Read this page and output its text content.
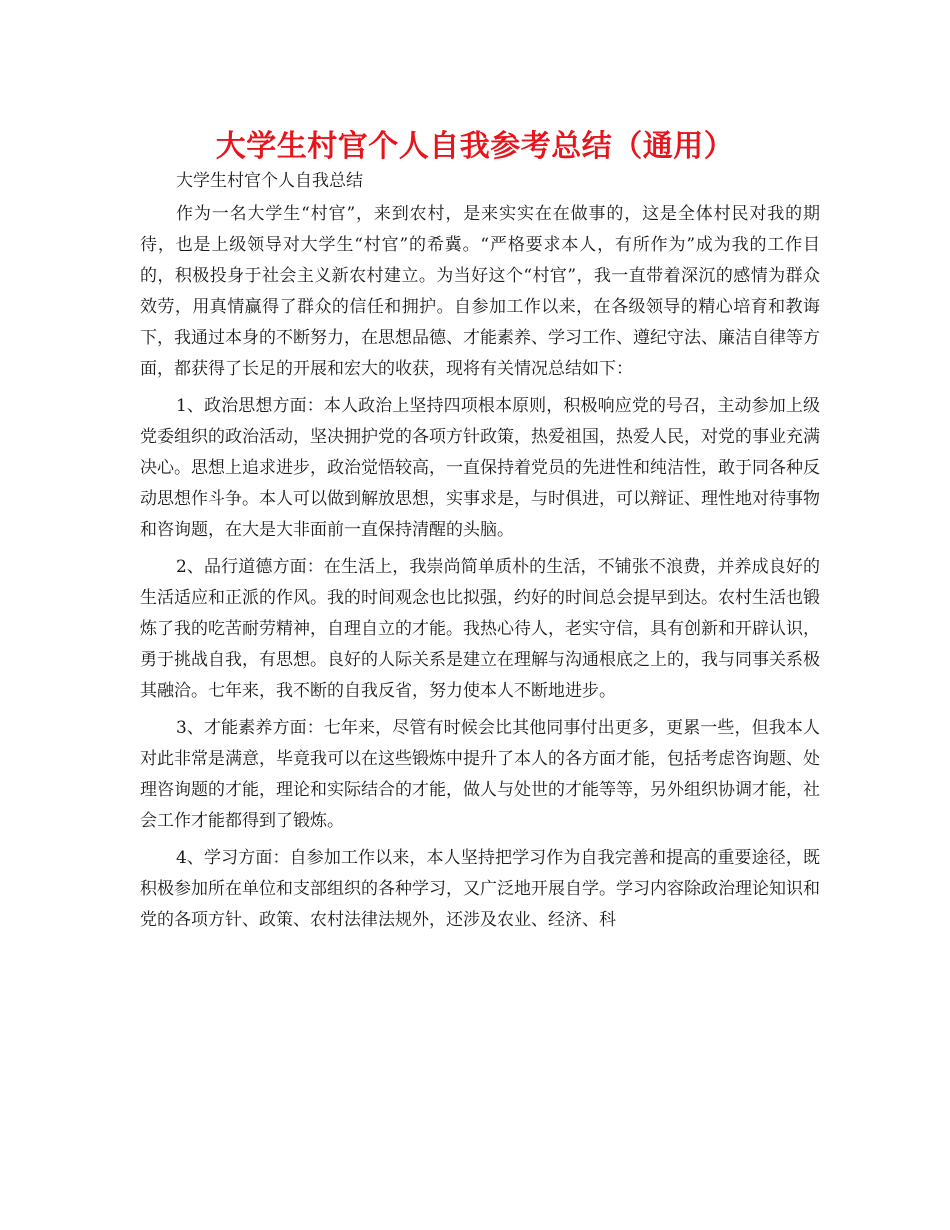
大学生村官个人自我参考总结（通用）

大学生村官个人自我总结

作为一名大学生“村官”，来到农村，是来实实在在做事的，这是全体村民对我的期待，也是上级领导对大学生“村官”的希冀。“严格要求本人，有所作为”成为我的工作目的，积极投身于社会主义新农村建立。为当好这个“村官”，我一直带着深沉的感情为群众效劳，用真情赢得了群众的信任和拥护。自参加工作以来，在各级领导的精心培育和教诲下，我通过本身的不断努力，在思想品德、才能素养、学习工作、遵纪守法、廉洁自律等方面，都获得了长足的开展和宏大的收获，现将有关情况总结如下：

1、政治思想方面：本人政治上坚持四项根本原则，积极响应党的号召，主动参加上级党委组织的政治活动，坚决拥护党的各项方针政策，热爱祖国，热爱人民，对党的事业充满决心。思想上追求进步，政治觉悟较高，一直保持着党员的先进性和纯洁性，敢于同各种反动思想作斗争。本人可以做到解放思想，实事求是，与时俱进，可以辩证、理性地对待事物和咨询题，在大是大非面前一直保持清醒的头脑。

2、品行道德方面：在生活上，我崇尚简单质朴的生活，不铺张不浪费，并养成良好的生活适应和正派的作风。我的时间观念也比拟强，约好的时间总会提早到达。农村生活也锻炼了我的吃苦耐劳精神，自理自立的才能。我热心待人，老实守信，具有创新和开辟认识，勇于挑战自我，有思想。良好的人际关系是建立在理解与沟通根底之上的，我与同事关系极其融洽。七年来，我不断的自我反省，努力使本人不断地进步。

3、才能素养方面：七年来，尽管有时候会比其他同事付出更多，更累一些，但我本人对此非常是满意，毕竟我可以在这些锻炼中提升了本人的各方面才能，包括考虑咨询题、处理咨询题的才能，理论和实际结合的才能，做人与处世的才能等等，另外组织协调才能，社会工作才能都得到了锻炼。

4、学习方面：自参加工作以来，本人坚持把学习作为自我完善和提高的重要途径，既积极参加所在单位和支部组织的各种学习，又广泛地开展自学。学习内容除政治理论知识和党的各项方针、政策、农村法律法规外，还涉及农业、经济、科
